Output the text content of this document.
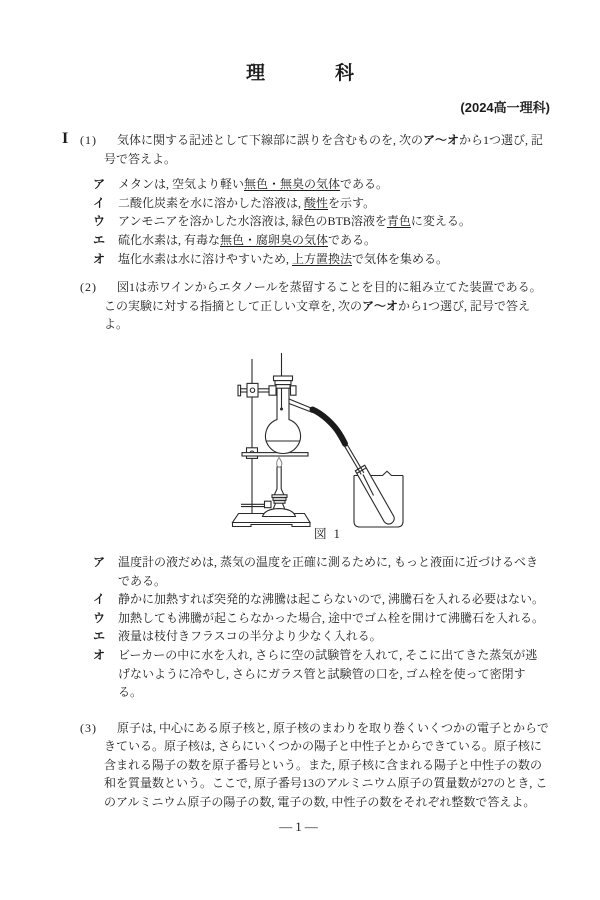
理	科
(2024高一理科)
I (1)	気体に関する記述として下線部に誤りを含むものを, 次のア～オから1つ選び, 記号で答えよ。
ア	メタンは, 空気より軽い無色・無臭の気体である。
イ	二酸化炭素を水に溶かした溶液は, 酸性を示す。
ウ	アンモニアを溶かした水溶液は, 緑色のBTB溶液を青色に変える。
エ	硫化水素は, 有毒な無色・腐卵臭の気体である。
オ	塩化水素は水に溶けやすいため, 上方置換法で気体を集める。
(2)	図1は赤ワインからエタノールを蒸留することを目的に組み立てた装置である。この実験に対する指摘として正しい文章を, 次のア～オから1つ選び, 記号で答えよ。
図 1
ア	温度計の液だめは, 蒸気の温度を正確に測るために, もっと液面に近づけるべきである。
イ	静かに加熱すれば突発的な沸騰は起こらないので, 沸騰石を入れる必要はない。
ウ	加熱しても沸騰が起こらなかった場合, 途中でゴム栓を開けて沸騰石を入れる。
エ	液量は枝付きフラスコの半分より少なく入れる。
オ	ビーカーの中に水を入れ, さらに空の試験管を入れて, そこに出てきた蒸気が逃げないように冷やし, さらにガラス管と試験管の口を, ゴム栓を使って密閉する。
(3)	原子は, 中心にある原子核と, 原子核のまわりを取り巻くいくつかの電子とからできている。原子核は, さらにいくつかの陽子と中性子とからできている。原子核に含まれる陽子の数を原子番号という。また, 原子核に含まれる陽子と中性子の数の和を質量数という。ここで, 原子番号13のアルミニウム原子の質量数が27のとき, このアルミニウム原子の陽子の数, 電子の数, 中性子の数をそれぞれ整数で答えよ。
—1—
